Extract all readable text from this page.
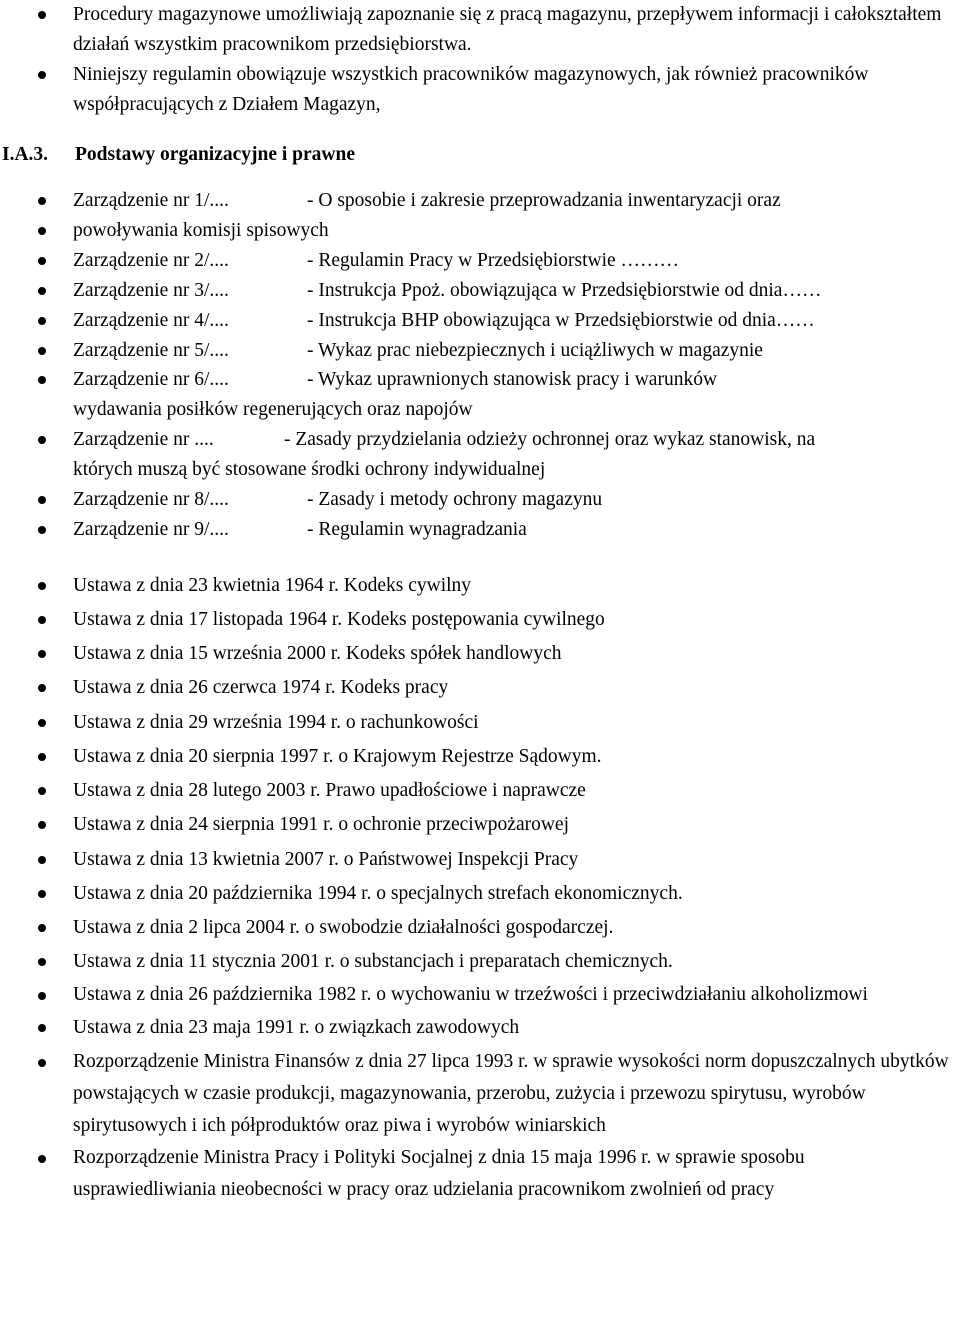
Procedury magazynowe umożliwiają zapoznanie się z pracą magazynu, przepływem informacji i całokształtem działań wszystkim pracownikom przedsiębiorstwa.
Niniejszy regulamin obowiązuje wszystkich pracowników magazynowych, jak również pracowników współpracujących z Działem Magazyn,
I.A.3. Podstawy organizacyjne i prawne
Zarządzenie nr 1/....	- O sposobie i zakresie przeprowadzania inwentaryzacji oraz
powoływania komisji spisowych
Zarządzenie nr 2/....	- Regulamin Pracy w Przedsiębiorstwie ………
Zarządzenie nr 3/....	- Instrukcja Ppoż. obowiązująca w Przedsiębiorstwie od dnia……
Zarządzenie nr 4/....	- Instrukcja BHP obowiązująca w Przedsiębiorstwie od dnia……
Zarządzenie nr 5/....	- Wykaz prac niebezpiecznych i uciążliwych w magazynie
Zarządzenie nr 6/....	- Wykaz uprawnionych stanowisk pracy i warunków
wydawania posiłków regenerujących oraz napojów
Zarządzenie nr ....	- Zasady przydzielania odzieży ochronnej oraz wykaz stanowisk, na
których muszą być stosowane środki ochrony indywidualnej
Zarządzenie nr 8/....	- Zasady i metody ochrony magazynu
Zarządzenie nr 9/....	- Regulamin wynagradzania
Ustawa z dnia 23 kwietnia 1964 r. Kodeks cywilny
Ustawa z dnia 17 listopada 1964 r. Kodeks postępowania cywilnego
Ustawa z dnia 15 września 2000 r. Kodeks spółek handlowych
Ustawa z dnia 26 czerwca 1974 r. Kodeks pracy
Ustawa z dnia 29 września 1994 r. o rachunkowości
Ustawa z dnia 20 sierpnia 1997 r. o Krajowym Rejestrze Sądowym.
Ustawa z dnia 28 lutego 2003 r. Prawo upadłościowe i naprawcze
Ustawa z dnia 24 sierpnia 1991 r. o ochronie przeciwpożarowej
Ustawa z dnia 13 kwietnia 2007 r. o Państwowej Inspekcji Pracy
Ustawa z dnia 20 października 1994 r. o specjalnych strefach ekonomicznych.
Ustawa z dnia 2 lipca 2004 r. o swobodzie działalności gospodarczej.
Ustawa z dnia 11 stycznia 2001 r. o substancjach i preparatach chemicznych.
Ustawa z dnia 26 października 1982 r. o wychowaniu w trzeźwości i przeciwdziałaniu alkoholizmowi
Ustawa z dnia 23 maja 1991 r. o związkach zawodowych
Rozporządzenie Ministra Finansów z dnia 27 lipca 1993 r. w sprawie wysokości norm dopuszczalnych ubytków powstających w czasie produkcji, magazynowania, przerobu, zużycia i przewozu spirytusu, wyrobów spirytusowych i ich półproduktów oraz piwa i wyrobów winiarskich
Rozporządzenie Ministra Pracy i Polityki Socjalnej z dnia 15 maja 1996 r. w sprawie sposobu usprawiedliwiania nieobecności w pracy oraz udzielania pracownikom zwolnień od pracy
